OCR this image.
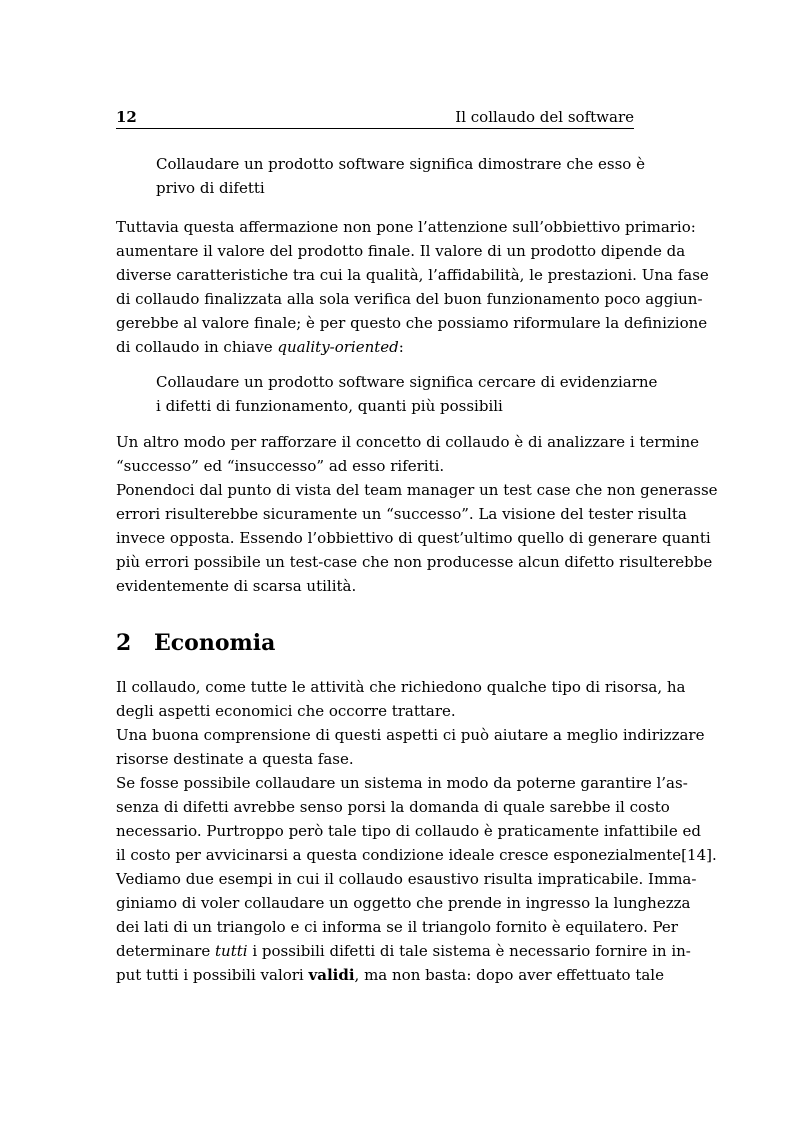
12	Il collaudo del software
Collaudare un prodotto software significa dimostrare che esso è
privo di difetti
Tuttavia questa affermazione non pone l’attenzione sull’obbiettivo primario:
aumentare il valore del prodotto finale. Il valore di un prodotto dipende da
diverse caratteristiche tra cui la qualità, l’affidabilità, le prestazioni. Una fase
di collaudo finalizzata alla sola verifica del buon funzionamento poco aggiun-
gerebbe al valore finale; è per questo che possiamo riformulare la definizione
di collaudo in chiave quality-oriented:
Collaudare un prodotto software significa cercare di evidenziarne
i difetti di funzionamento, quanti più possibili
Un altro modo per rafforzare il concetto di collaudo è di analizzare i termine
“successo” ed “insuccesso” ad esso riferiti.
Ponendoci dal punto di vista del team manager un test case che non generasse
errori risulterebbe sicuramente un “successo”. La visione del tester risulta
invece opposta. Essendo l’obbiettivo di quest’ultimo quello di generare quanti
più errori possibile un test-case che non producesse alcun difetto risulterebbe
evidentemente di scarsa utilità.
2 Economia
Il collaudo, come tutte le attività che richiedono qualche tipo di risorsa, ha
degli aspetti economici che occorre trattare.
Una buona comprensione di questi aspetti ci può aiutare a meglio indirizzare
risorse destinate a questa fase.
Se fosse possibile collaudare un sistema in modo da poterne garantire l’as-
senza di difetti avrebbe senso porsi la domanda di quale sarebbe il costo
necessario. Purtroppo però tale tipo di collaudo è praticamente infattibile ed
il costo per avvicinarsi a questa condizione ideale cresce esponezialmente[14].
Vediamo due esempi in cui il collaudo esaustivo risulta impraticabile. Imma-
giniamo di voler collaudare un oggetto che prende in ingresso la lunghezza
dei lati di un triangolo e ci informa se il triangolo fornito è equilatero. Per
determinare tutti i possibili difetti di tale sistema è necessario fornire in in-
put tutti i possibili valori validi, ma non basta: dopo aver effettuato tale
